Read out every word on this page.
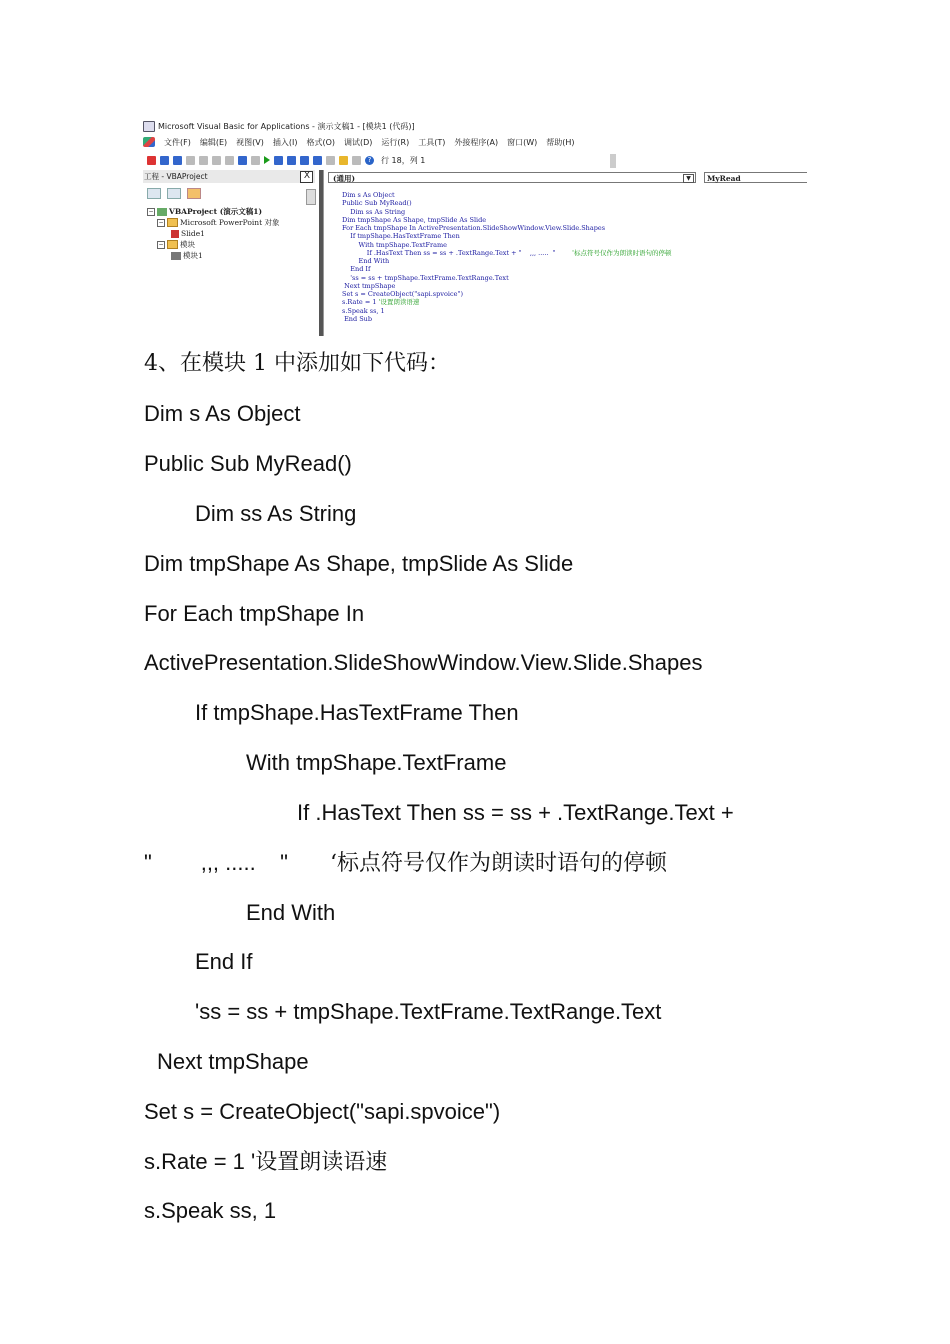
Microsoft Visual Basic for Applications - 演示文稿1 - [模块1 (代码)]
文件(F) 编辑(E) 视图(V) 插入(I) 格式(O) 调试(D) 运行(R) 工具(T) 外接程序(A) 窗口(W) 帮助(H)
?	行 18，列 1
工程 - VBAProject	X
− VBAProject (演示文稿1)
− Microsoft PowerPoint 对象
Slide1
− 模块
模块1
(通用)	▼	MyRead
Dim s As Object
Public Sub MyRead()
Dim ss As String
Dim tmpShape As Shape, tmpSlide As Slide
For Each tmpShape In ActivePresentation.SlideShowWindow.View.Slide.Shapes
If tmpShape.HasTextFrame Then
With tmpShape.TextFrame
If .HasText Then ss = ss + .TextRange.Text + "    ,,, .....  "	'标点符号仅作为朗读时语句的停顿
End With
End If
'ss = ss + tmpShape.TextFrame.TextRange.Text
Next tmpShape
Set s = CreateObject("sapi.spvoice")
s.Rate = 1 '设置朗读语速
s.Speak ss, 1
End Sub
4、在模块 1 中添加如下代码：
Dim s As Object
Public Sub MyRead()
Dim ss As String
Dim tmpShape As Shape, tmpSlide As Slide
For Each tmpShape In
ActivePresentation.SlideShowWindow.View.Slide.Shapes
If tmpShape.HasTextFrame Then
With tmpShape.TextFrame
If .HasText Then ss = ss + .TextRange.Text +
"        ,,, .....    " ‘标点符号仅作为朗读时语句的停顿
End With
End If
'ss = ss + tmpShape.TextFrame.TextRange.Text
Next tmpShape
Set s = CreateObject("sapi.spvoice")
s.Rate = 1 '设置朗读语速
s.Speak ss, 1
